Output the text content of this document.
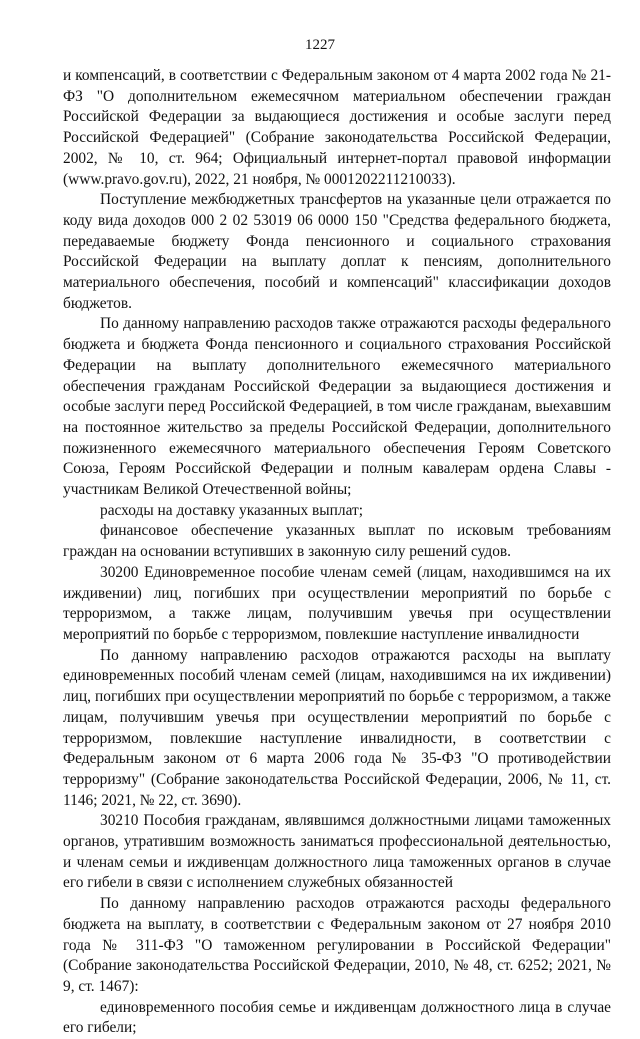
1227

и компенсаций, в соответствии с Федеральным законом от 4 марта 2002 года № 21-ФЗ "О дополнительном ежемесячном материальном обеспечении граждан Российской Федерации за выдающиеся достижения и особые заслуги перед Российской Федерацией" (Собрание законодательства Российской Федерации, 2002, № 10, ст. 964; Официальный интернет-портал правовой информации (www.pravo.gov.ru), 2022, 21 ноября, № 0001202211210033).

Поступление межбюджетных трансфертов на указанные цели отражается по коду вида доходов 000 2 02 53019 06 0000 150 "Средства федерального бюджета, передаваемые бюджету Фонда пенсионного и социального страхования Российской Федерации на выплату доплат к пенсиям, дополнительного материального обеспечения, пособий и компенсаций" классификации доходов бюджетов.

По данному направлению расходов также отражаются расходы федерального бюджета и бюджета Фонда пенсионного и социального страхования Российской Федерации на выплату дополнительного ежемесячного материального обеспечения гражданам Российской Федерации за выдающиеся достижения и особые заслуги перед Российской Федерацией, в том числе гражданам, выехавшим на постоянное жительство за пределы Российской Федерации, дополнительного пожизненного ежемесячного материального обеспечения Героям Советского Союза, Героям Российской Федерации и полным кавалерам ордена Славы - участникам Великой Отечественной войны;

расходы на доставку указанных выплат;

финансовое обеспечение указанных выплат по исковым требованиям граждан на основании вступивших в законную силу решений судов.

30200 Единовременное пособие членам семей (лицам, находившимся на их иждивении) лиц, погибших при осуществлении мероприятий по борьбе с терроризмом, а также лицам, получившим увечья при осуществлении мероприятий по борьбе с терроризмом, повлекшие наступление инвалидности

По данному направлению расходов отражаются расходы на выплату единовременных пособий членам семей (лицам, находившимся на их иждивении) лиц, погибших при осуществлении мероприятий по борьбе с терроризмом, а также лицам, получившим увечья при осуществлении мероприятий по борьбе с терроризмом, повлекшие наступление инвалидности, в соответствии с Федеральным законом от 6 марта 2006 года № 35-ФЗ "О противодействии терроризму" (Собрание законодательства Российской Федерации, 2006, № 11, ст. 1146; 2021, № 22, ст. 3690).

30210 Пособия гражданам, являвшимся должностными лицами таможенных органов, утратившим возможность заниматься профессиональной деятельностью, и членам семьи и иждивенцам должностного лица таможенных органов в случае его гибели в связи с исполнением служебных обязанностей

По данному направлению расходов отражаются расходы федерального бюджета на выплату, в соответствии с Федеральным законом от 27 ноября 2010 года № 311-ФЗ "О таможенном регулировании в Российской Федерации" (Собрание законодательства Российской Федерации, 2010, № 48, ст. 6252; 2021, № 9, ст. 1467):

единовременного пособия семье и иждивенцам должностного лица в случае его гибели;
